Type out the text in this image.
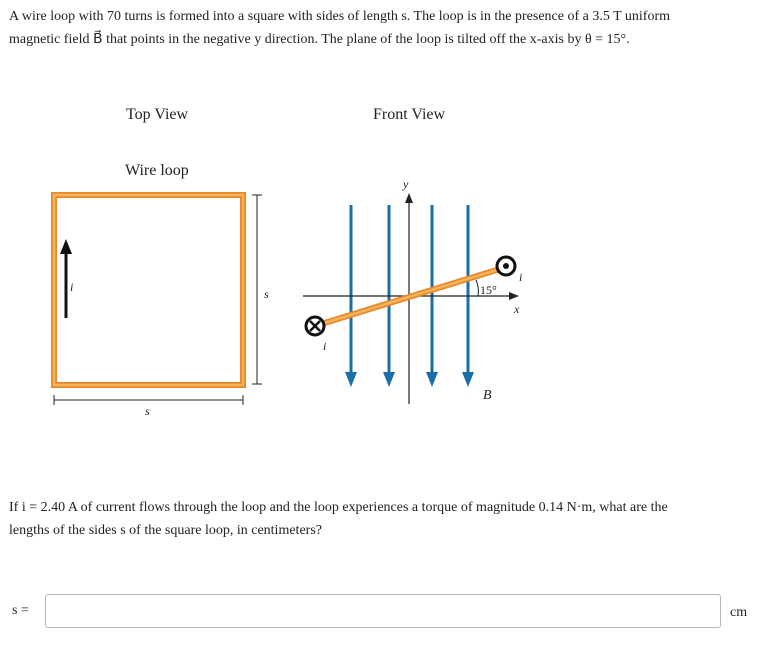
A wire loop with 70 turns is formed into a square with sides of length s. The loop is in the presence of a 3.5 T uniform
magnetic field B⃗ that points in the negative y direction. The plane of the loop is tilted off the x-axis by θ = 15°.
Top View	Front View
Wire loop
i	s
s
y
x
15°
i
i
B
If i = 2.40 A of current flows through the loop and the loop experiences a torque of magnitude 0.14 N·m, what are the
lengths of the sides s of the square loop, in centimeters?
s =	cm
